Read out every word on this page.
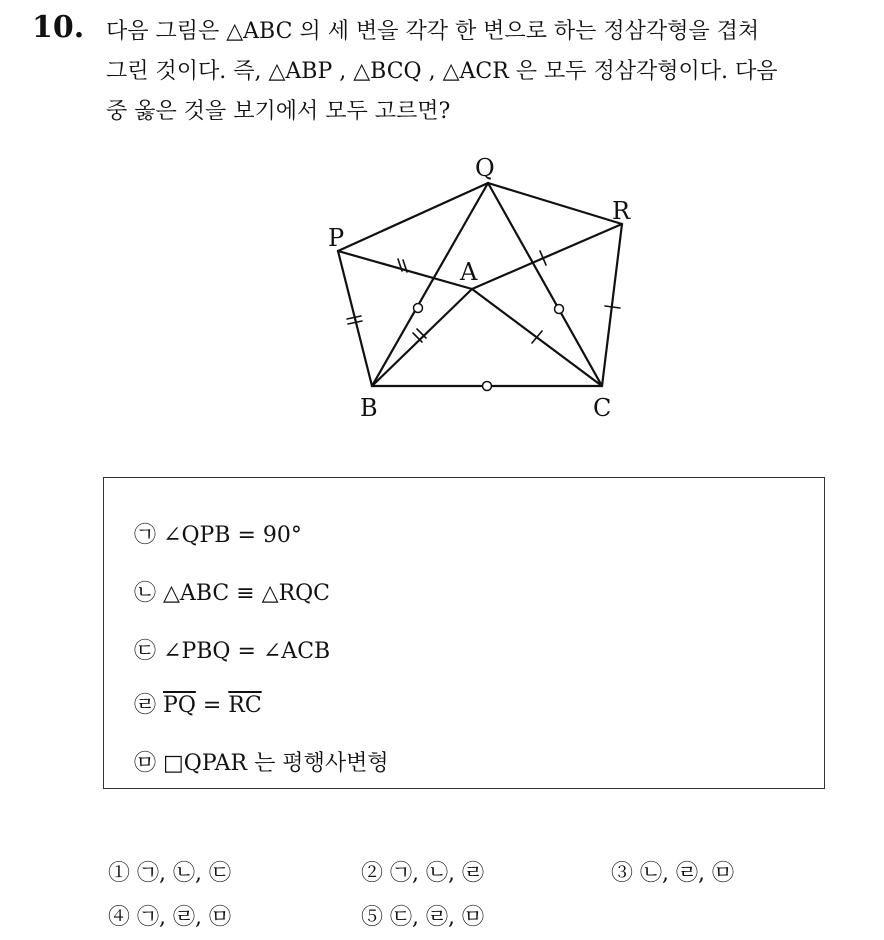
10. 다음 그림은 △ABC 의 세 변을 각각 한 변으로 하는 정삼각형을 겹쳐

그린 것이다. 즉, △ABP , △BCQ , △ACR 은 모두 정삼각형이다. 다음

중 옳은 것을 보기에서 모두 고르면?

Q
R
P
A
B	C
㉠ ∠QPB = 90°
㉡ △ABC ≡ △RQC
㉢ ∠PBQ = ∠ACB
㉣ $\overline{PQ} = \overline{RC}$
㉤ □QPAR 는 평행사변형
① ㉠, ㉡, ㉢	② ㉠, ㉡, ㉣	③ ㉡, ㉣, ㉤
④ ㉠, ㉣, ㉤	⑤ ㉢, ㉣, ㉤
